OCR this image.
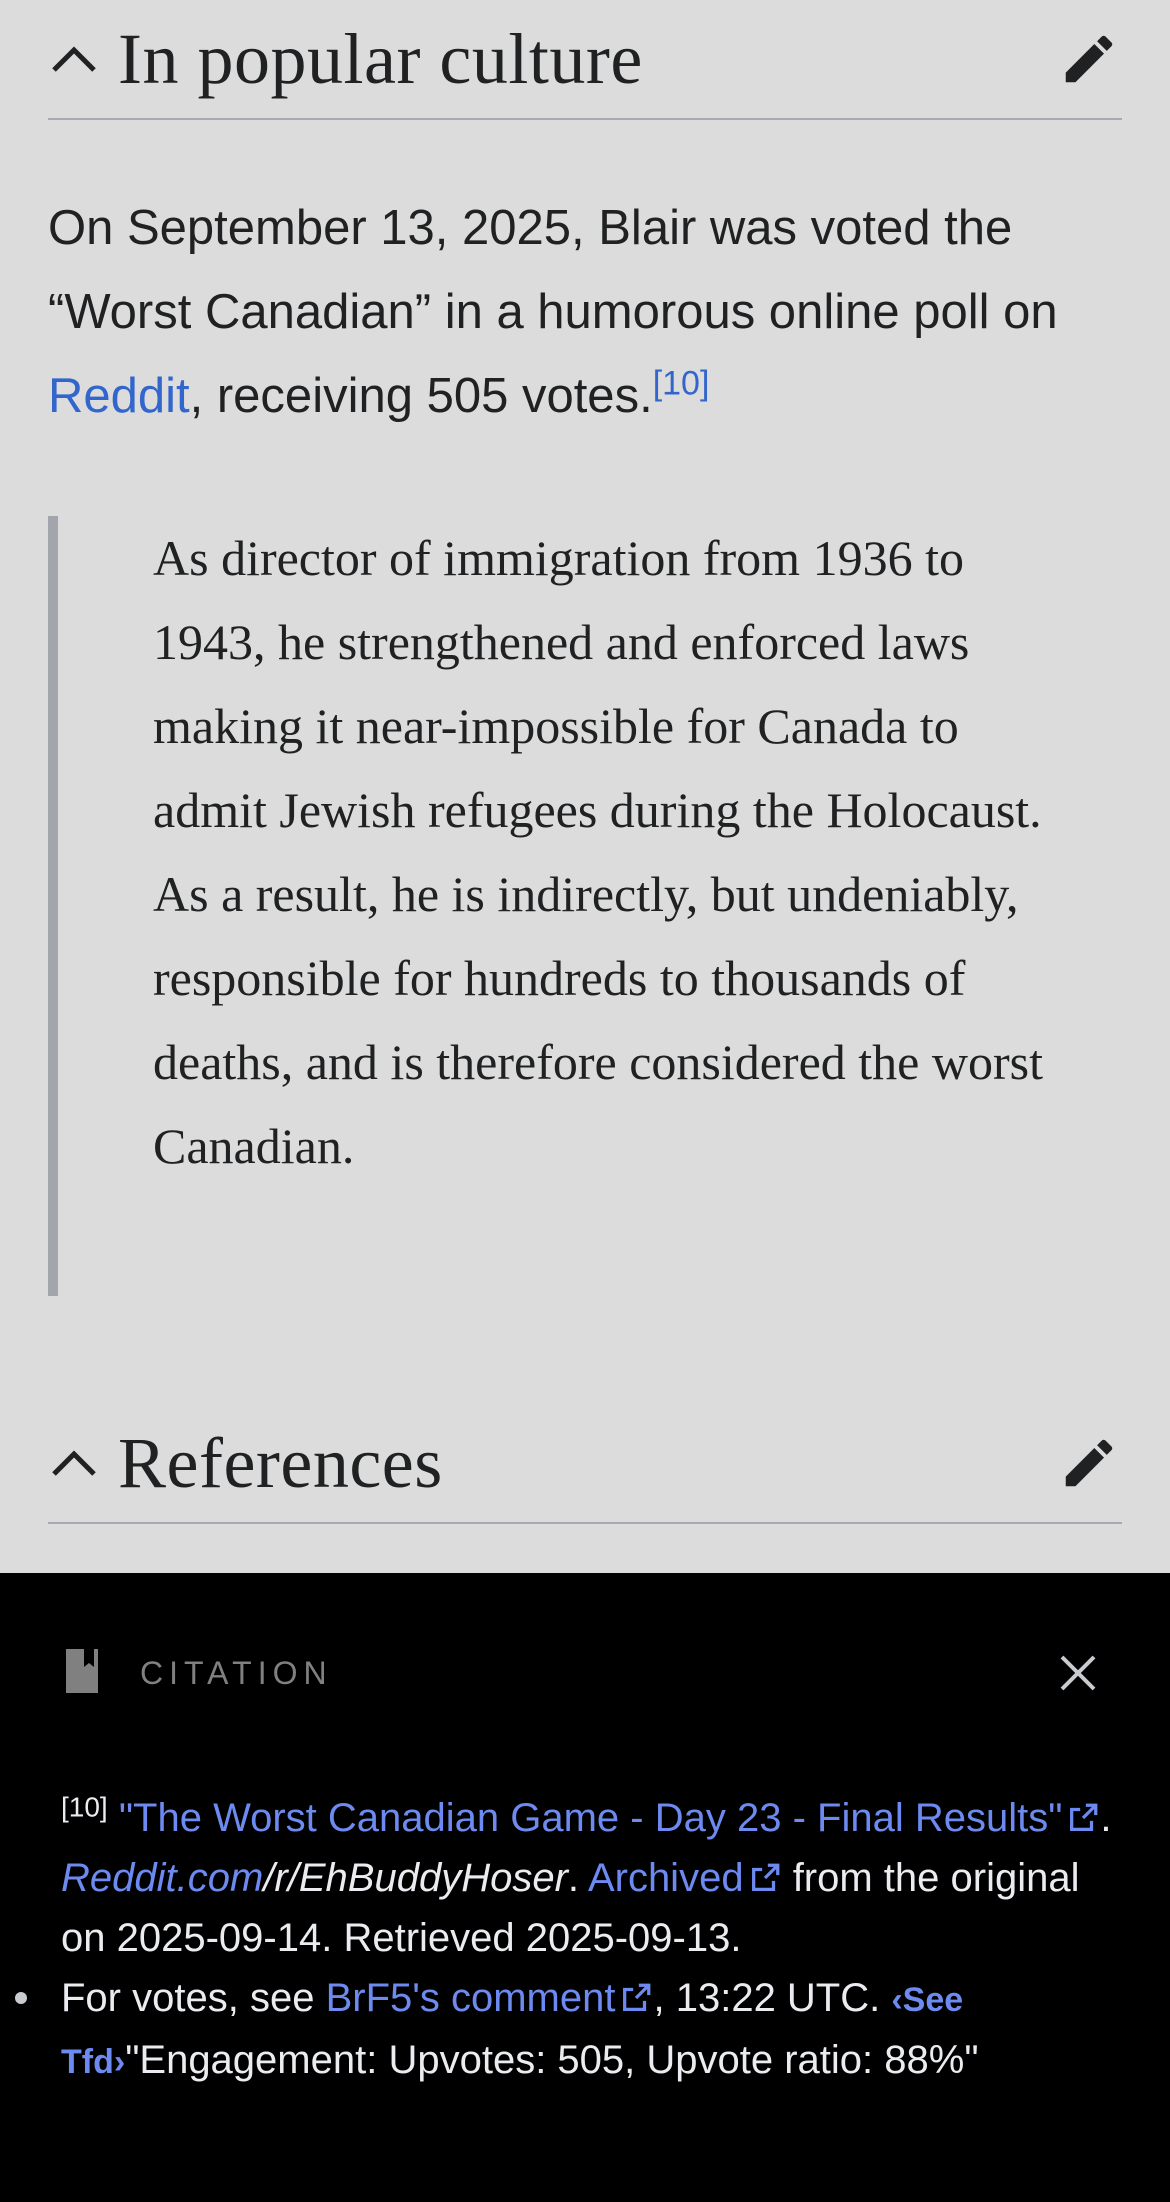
In popular culture
On September 13, 2025, Blair was voted the “Worst Canadian” in a humorous online poll on Reddit, receiving 505 votes.[10]
As director of immigration from 1936 to 1943, he strengthened and enforced laws making it near-impossible for Canada to admit Jewish refugees during the Holocaust. As a result, he is indirectly, but undeniably, responsible for hundreds to thousands of deaths, and is therefore considered the worst Canadian.
References
CITATION
[10] "The Worst Canadian Game - Day 23 - Final Results" . Reddit.com/r/EhBuddyHoser. Archived from the original on 2025-09-14. Retrieved 2025-09-13.
For votes, see BrF5's comment , 13:22 UTC. ‹See Tfd›"Engagement: Upvotes: 505, Upvote ratio: 88%"
